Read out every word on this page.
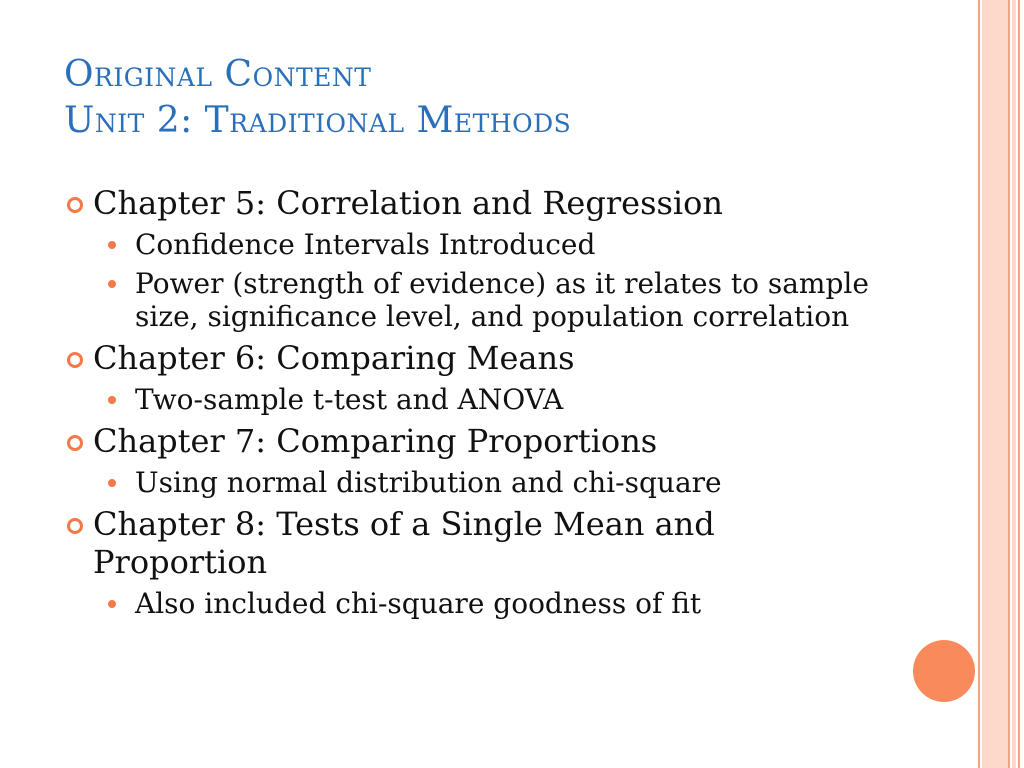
Original Content
Unit 2: Traditional Methods
Chapter 5: Correlation and Regression
Confidence Intervals Introduced
Power (strength of evidence) as it relates to sample size, significance level, and population correlation
Chapter 6: Comparing Means
Two-sample t-test and ANOVA
Chapter 7: Comparing Proportions
Using normal distribution and chi-square
Chapter 8: Tests of a Single Mean and Proportion
Also included chi-square goodness of fit
